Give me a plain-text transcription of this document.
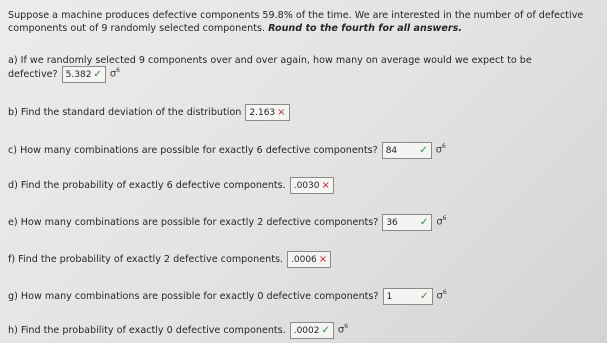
Suppose a machine produces defective components 59.8% of the time. We are interested in the number of of defective components out of 9 randomly selected components. Round to the fourth for all answers.
a) If we randomly selected 9 components over and over again, how many on average would we expect to be
defective? 5.382 ✓ $\sigma^6$
b) Find the standard deviation of the distribution 2.163 ×
c) How many combinations are possible for exactly 6 defective components? 84 ✓ $\sigma^6$
d) Find the probability of exactly 6 defective components. .0030 ×
e) How many combinations are possible for exactly 2 defective components? 36 ✓ $\sigma^6$
f) Find the probability of exactly 2 defective components. .0006 ×
g) How many combinations are possible for exactly 0 defective components? 1	✓ $\sigma^6$
h) Find the probability of exactly 0 defective components. .0002 ✓ $\sigma^6$
